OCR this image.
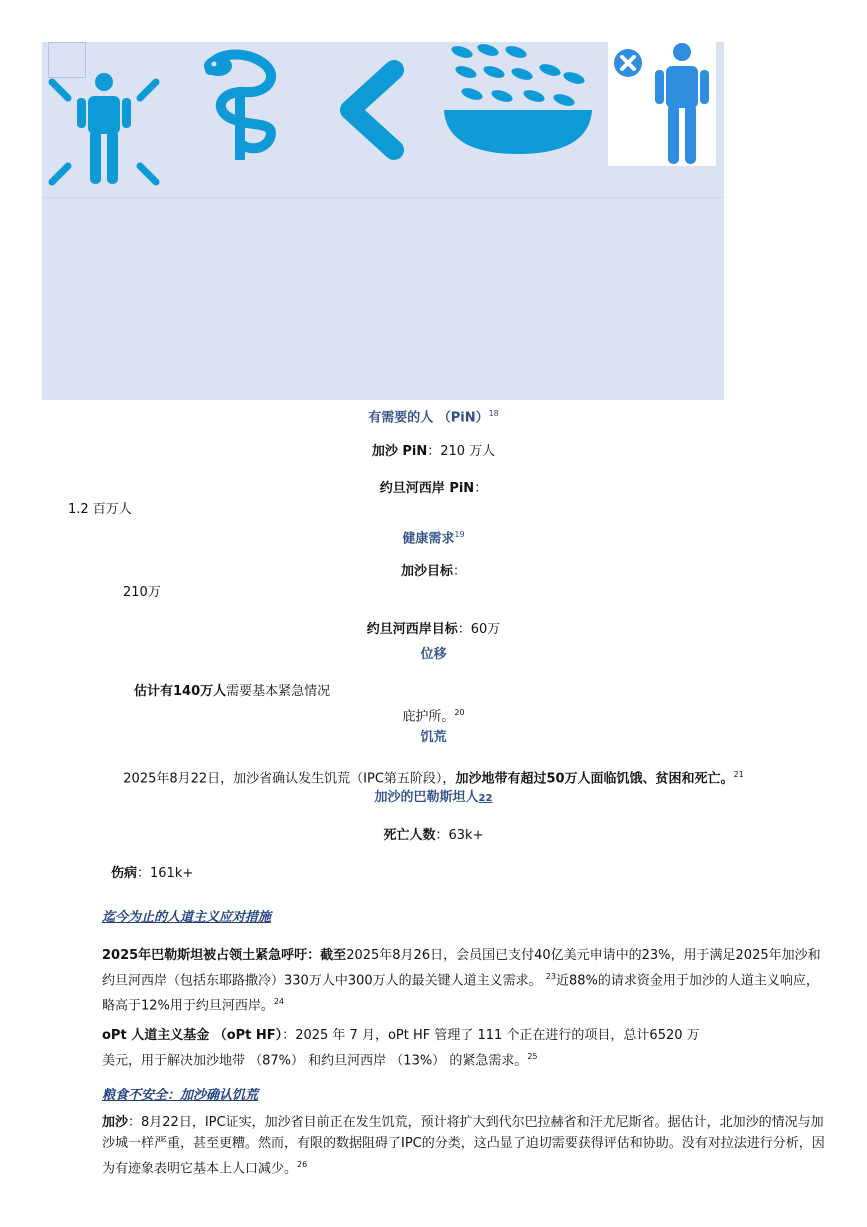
有需要的人 （PiN）$^{18}$
加沙 PiN：210 万人
约旦河西岸 PiN：
1.2 百万人
健康需求$^{19}$
加沙目标：
210万
约旦河西岸目标：60万
位移
估计有140万人需要基本紧急情况
庇护所。$^{20}$
饥荒
2025年8月22日，加沙省确认发生饥荒（IPC第五阶段），加沙地带有超过50万人面临饥饿、贫困和死亡。$^{21}$
加沙的巴勒斯坦人22
死亡人数：63k+
伤病：161k+
迄今为止的人道主义应对措施
2025年巴勒斯坦被占领土紧急呼吁：截至2025年8月26日，会员国已支付40亿美元申请中的23%，用于满足2025年加沙和约旦河西岸（包括东耶路撒冷）330万人中300万人的最关键人道主义需求。 $^{23}$近88%的请求资金用于加沙的人道主义响应，略高于12%用于约旦河西岸。$^{24}$
oPt 人道主义基金 （oPt HF）：2025 年 7 月，oPt HF 管理了 111 个正在进行的项目，总计6520 万美元，用于解决加沙地带 （87%） 和约旦河西岸 （13%） 的紧急需求。$^{25}$
粮食不安全：加沙确认饥荒
加沙：8月22日，IPC证实，加沙省目前正在发生饥荒，预计将扩大到代尔巴拉赫省和汗尤尼斯省。据估计，北加沙的情况与加沙城一样严重，甚至更糟。然而，有限的数据阻碍了IPC的分类，这凸显了迫切需要获得评估和协助。没有对拉法进行分析，因为有迹象表明它基本上人口减少。$^{26}$
